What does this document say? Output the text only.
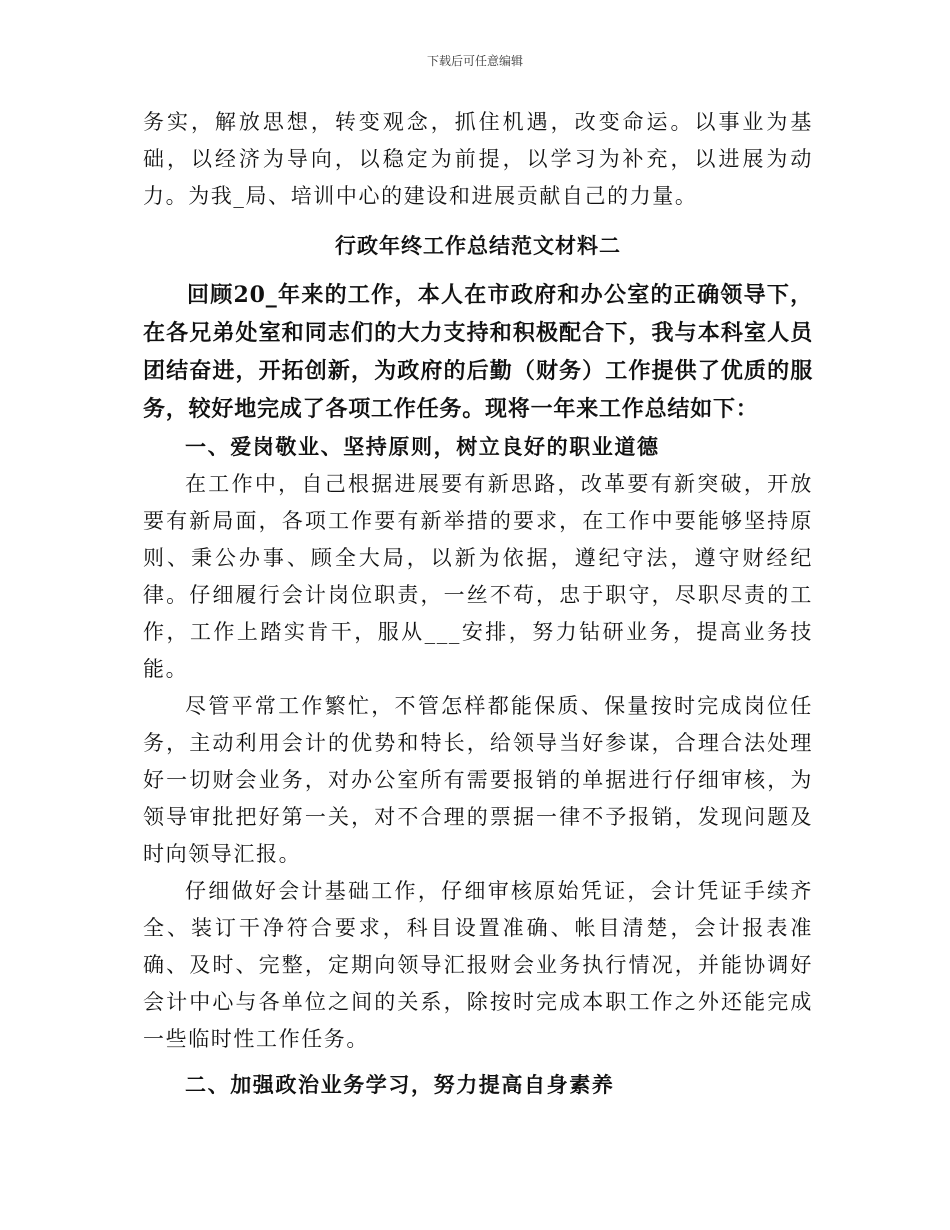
下载后可任意编辑

务实，解放思想，转变观念，抓住机遇，改变命运。以事业为基础，以经济为导向，以稳定为前提，以学习为补充，以进展为动力。为我_局、培训中心的建设和进展贡献自己的力量。

行政年终工作总结范文材料二

回顾20_年来的工作，本人在市政府和办公室的正确领导下，在各兄弟处室和同志们的大力支持和积极配合下，我与本科室人员团结奋进，开拓创新，为政府的后勤（财务）工作提供了优质的服务，较好地完成了各项工作任务。现将一年来工作总结如下：

一、爱岗敬业、坚持原则，树立良好的职业道德

在工作中，自己根据进展要有新思路，改革要有新突破，开放要有新局面，各项工作要有新举措的要求，在工作中要能够坚持原则、秉公办事、顾全大局，以新为依据，遵纪守法，遵守财经纪律。仔细履行会计岗位职责，一丝不苟，忠于职守，尽职尽责的工作，工作上踏实肯干，服从___安排，努力钻研业务，提高业务技能。

尽管平常工作繁忙，不管怎样都能保质、保量按时完成岗位任务，主动利用会计的优势和特长，给领导当好参谋，合理合法处理好一切财会业务，对办公室所有需要报销的单据进行仔细审核，为领导审批把好第一关，对不合理的票据一律不予报销，发现问题及时向领导汇报。

仔细做好会计基础工作，仔细审核原始凭证，会计凭证手续齐全、装订干净符合要求，科目设置准确、帐目清楚，会计报表准确、及时、完整，定期向领导汇报财会业务执行情况，并能协调好会计中心与各单位之间的关系，除按时完成本职工作之外还能完成一些临时性工作任务。

二、加强政治业务学习，努力提高自身素养
